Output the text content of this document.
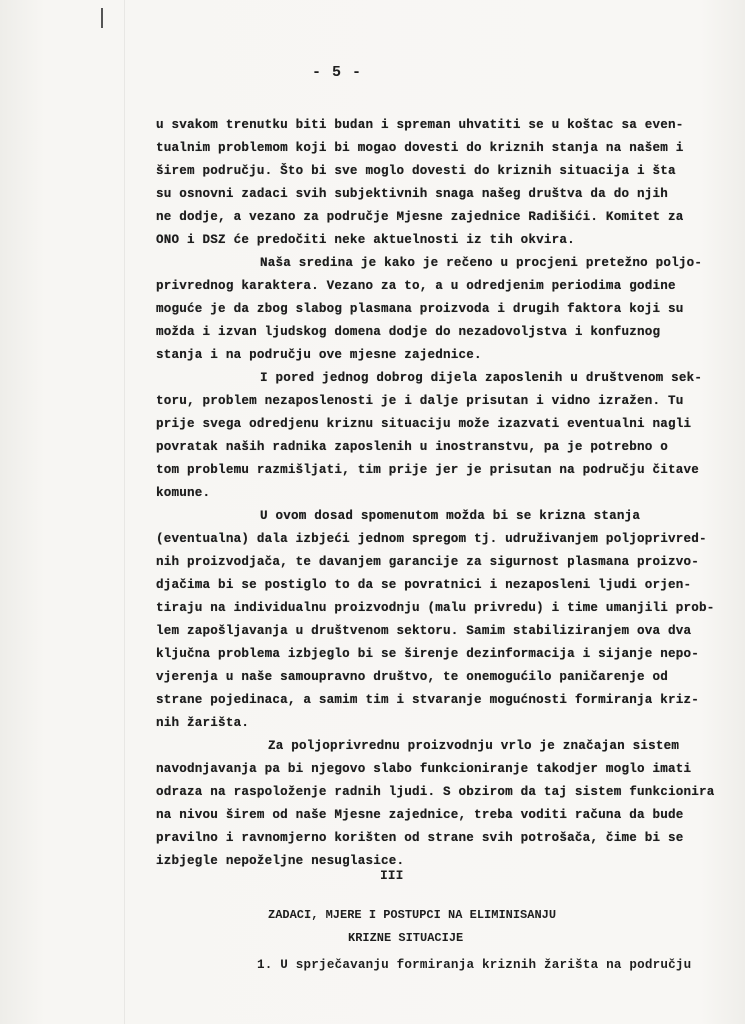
- 5 -
u svakom trenutku biti budan i spreman uhvatiti se u koštac sa even-
tualnim problemom koji bi mogao dovesti do kriznih stanja na našem i
širem području. Što bi sve moglo dovesti do kriznih situacija i šta
su osnovni zadaci svih subjektivnih snaga našeg društva da do njih
ne dodje, a vezano za područje Mjesne zajednice Radišići. Komitet za
ONO i DSZ će predočiti neke aktuelnosti iz tih okvira.
Naša sredina je kako je rečeno u procjeni pretežno poljo-
privrednog karaktera. Vezano za to, a u odredjenim periodima godine
moguće je da zbog slabog plasmana proizvoda i drugih faktora koji su
možda i izvan ljudskog domena dodje do nezadovoljstva i konfuznog
stanja i na području ove mjesne zajednice.
I pored jednog dobrog dijela zaposlenih u društvenom sek-
toru, problem nezaposlenosti je i dalje prisutan i vidno izražen. Tu
prije svega odredjenu kriznu situaciju može izazvati eventualni nagli
povratak naših radnika zaposlenih u inostranstvu, pa je potrebno o
tom problemu razmišljati, tim prije jer je prisutan na području čitave
komune.
U ovom dosad spomenutom možda bi se krizna stanja
(eventualna) dala izbjeći jednom spregom tj. udruživanjem poljoprivred-
nih proizvodjača, te davanjem garancije za sigurnost plasmana proizvo-
djačima bi se postiglo to da se povratnici i nezaposleni ljudi orjen-
tiraju na individualnu proizvodnju (malu privredu) i time umanjili prob-
lem zapošljavanja u društvenom sektoru. Samim stabiliziranjem ova dva
ključna problema izbjeglo bi se širenje dezinformacija i sijanje nepo-
vjerenja u naše samoupravno društvo, te onemogućilo paničarenje od
strane pojedinaca, a samim tim i stvaranje mogućnosti formiranja kriz-
nih žarišta.
Za poljoprivrednu proizvodnju vrlo je značajan sistem
navodnjavanja pa bi njegovo slabo funkcioniranje takodjer moglo imati
odraza na raspoloženje radnih ljudi. S obzirom da taj sistem funkcionira
na nivou širem od naše Mjesne zajednice, treba voditi računa da bude
pravilno i ravnomjerno korišten od strane svih potrošača, čime bi se
izbjegle nepoželjne nesuglasice.
III
ZADACI, MJERE I POSTUPCI NA ELIMINISANJU
KRIZNE SITUACIJE
1. U sprječavanju formiranja kriznih žarišta na području
